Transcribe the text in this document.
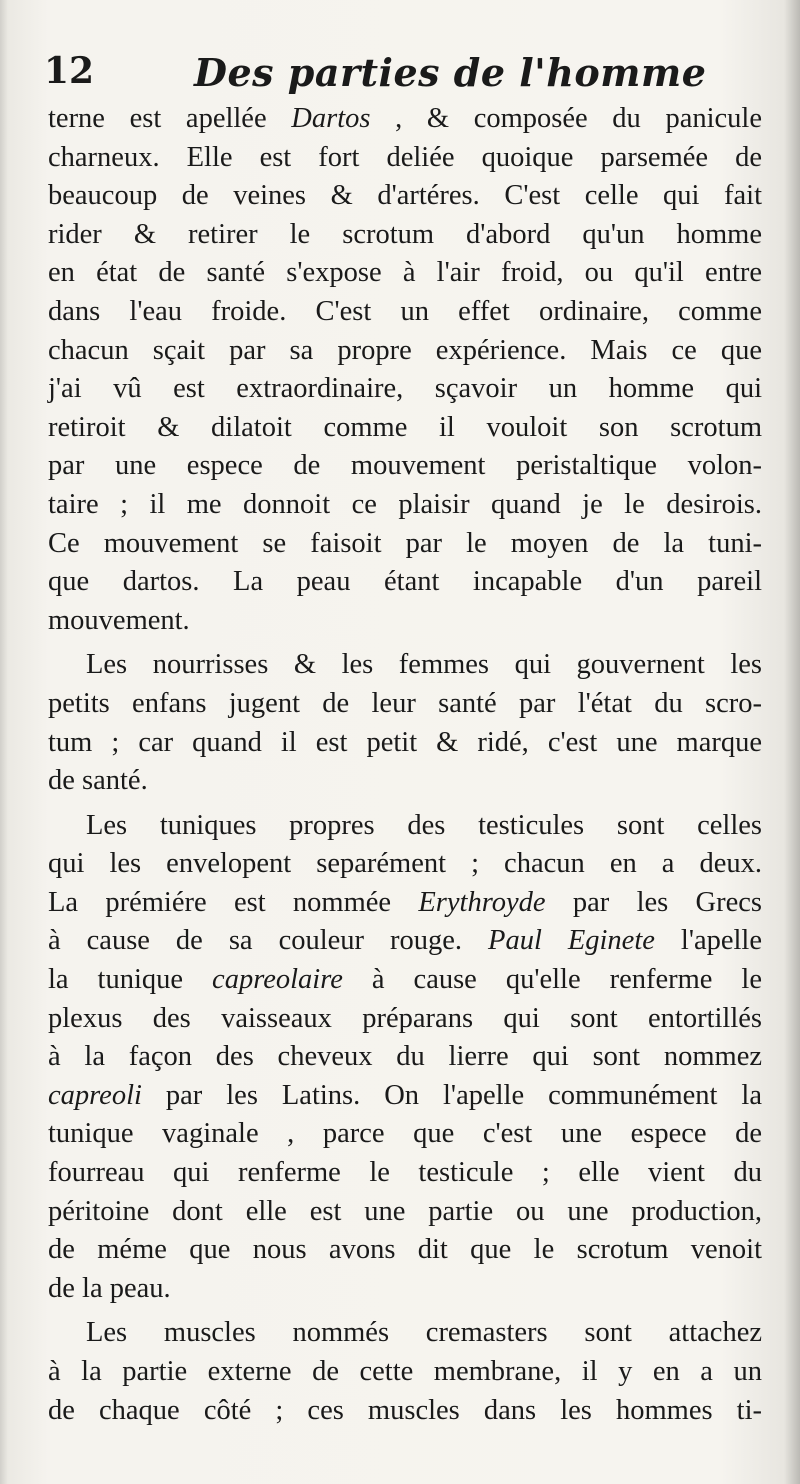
12	Des parties de l'homme
terne est apellée Dartos , & composée du panicule
charneux. Elle est fort deliée quoique parsemée de
beaucoup de veines & d'artéres. C'est celle qui fait
rider & retirer le scrotum d'abord qu'un homme
en état de santé s'expose à l'air froid, ou qu'il entre
dans l'eau froide. C'est un effet ordinaire, comme
chacun sçait par sa propre expérience. Mais ce que
j'ai vû est extraordinaire, sçavoir un homme qui
retiroit & dilatoit comme il vouloit son scrotum
par une espece de mouvement peristaltique volon-
taire ; il me donnoit ce plaisir quand je le desirois.
Ce mouvement se faisoit par le moyen de la tuni-
que dartos. La peau étant incapable d'un pareil
mouvement.
Les nourrisses & les femmes qui gouvernent les
petits enfans jugent de leur santé par l'état du scro-
tum ; car quand il est petit & ridé, c'est une marque
de santé.
Les tuniques propres des testicules sont celles
qui les envelopent separément ; chacun en a deux.
La prémiére est nommée Erythroyde par les Grecs
à cause de sa couleur rouge. Paul Eginete l'apelle
la tunique capreolaire à cause qu'elle renferme le
plexus des vaisseaux préparans qui sont entortillés
à la façon des cheveux du lierre qui sont nommez
capreoli par les Latins. On l'apelle communément la
tunique vaginale , parce que c'est une espece de
fourreau qui renferme le testicule ; elle vient du
péritoine dont elle est une partie ou une production,
de méme que nous avons dit que le scrotum venoit
de la peau.
Les muscles nommés cremasters sont attachez
à la partie externe de cette membrane, il y en a un
de chaque côté ; ces muscles dans les hommes ti-
